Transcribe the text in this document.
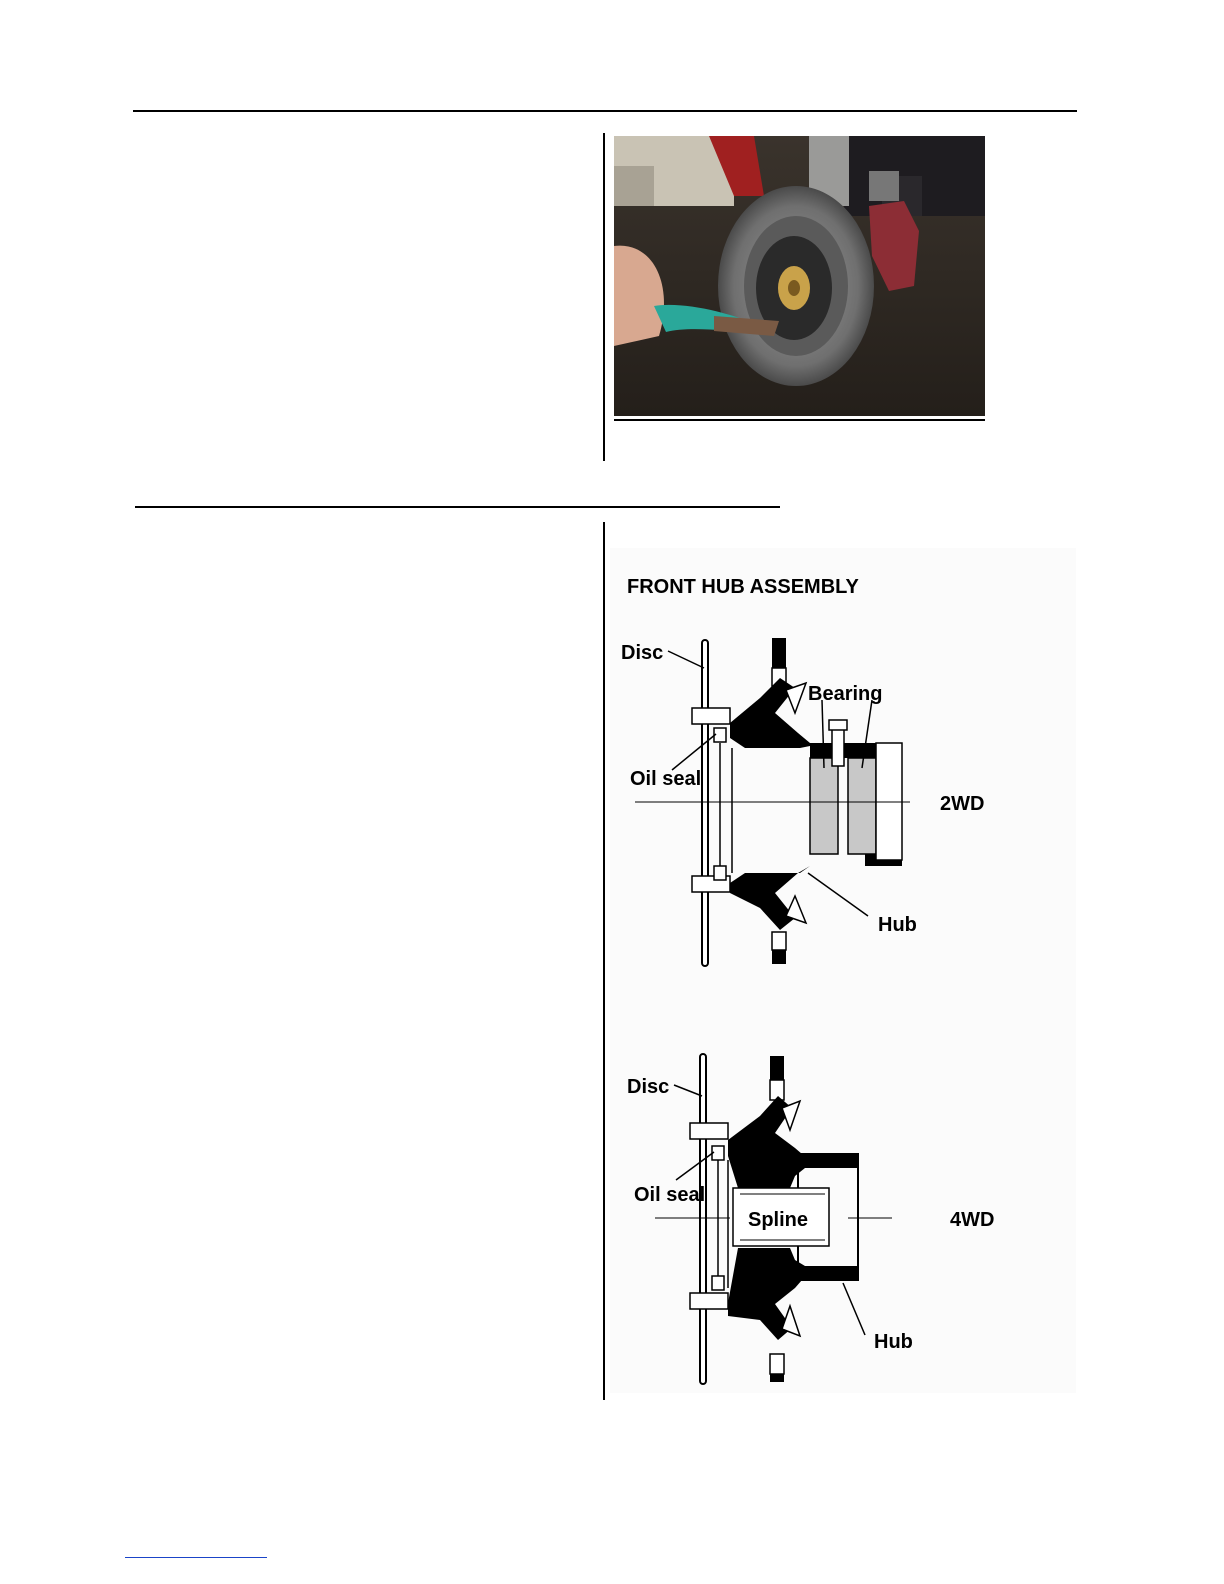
FRONT HUB ASSEMBLY
Disc
Bearing
Oil seal
2WD
Hub
Disc
Oil seal
Spline	4WD
Hub
